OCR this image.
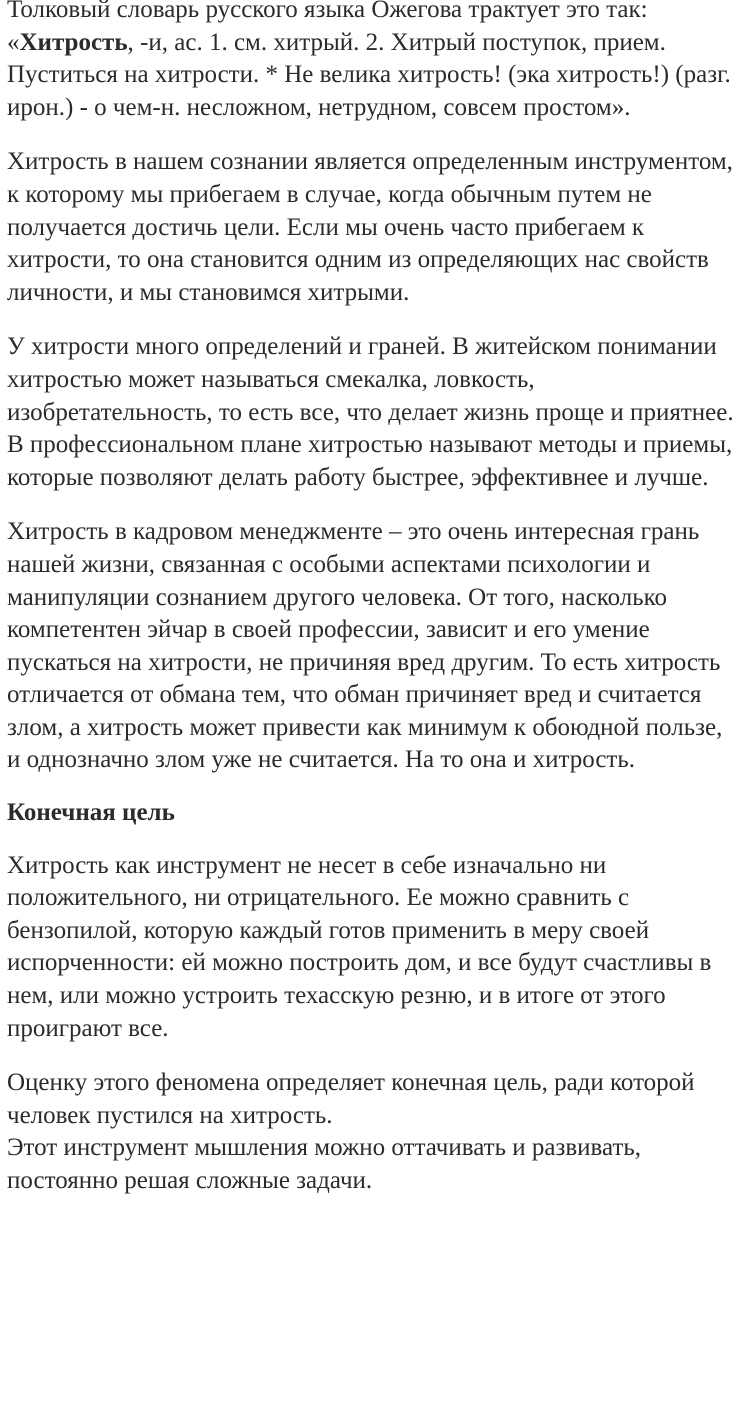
Толковый словарь русского языка Ожегова трактует это так: «Хитрость, -и, ас. 1. см. хитрый. 2. Хитрый поступок, прием. Пуститься на хитрости. * Не велика хитрость! (эка хитрость!) (разг. ирон.) - о чем-н. несложном, нетрудном, совсем простом».

Хитрость в нашем сознании является определенным инструментом, к которому мы прибегаем в случае, когда обычным путем не получается достичь цели. Если мы очень часто прибегаем к хитрости, то она становится одним из определяющих нас свойств личности, и мы становимся хитрыми.

У хитрости много определений и граней. В житейском понимании хитростью может называться смекалка, ловкость, изобретательность, то есть все, что делает жизнь проще и приятнее.

В профессиональном плане хитростью называют методы и приемы, которые позволяют делать работу быстрее, эффективнее и лучше.

Хитрость в кадровом менеджменте – это очень интересная грань нашей жизни, связанная с особыми аспектами психологии и манипуляции сознанием другого человека. От того, насколько компетентен эйчар в своей профессии, зависит и его умение пускаться на хитрости, не причиняя вред другим. То есть хитрость отличается от обмана тем, что обман причиняет вред и считается злом, а хитрость может привести как минимум к обоюдной пользе, и однозначно злом уже не считается. На то она и хитрость.

Конечная цель

Хитрость как инструмент не несет в себе изначально ни положительного, ни отрицательного. Ее можно сравнить с бензопилой, которую каждый готов применить в меру своей испорченности: ей можно построить дом, и все будут счастливы в нем, или можно устроить техасскую резню, и в итоге от этого проиграют все.

Оценку этого феномена определяет конечная цель, ради которой человек пустился на хитрость.

Этот инструмент мышления можно оттачивать и развивать, постоянно решая сложные задачи.
